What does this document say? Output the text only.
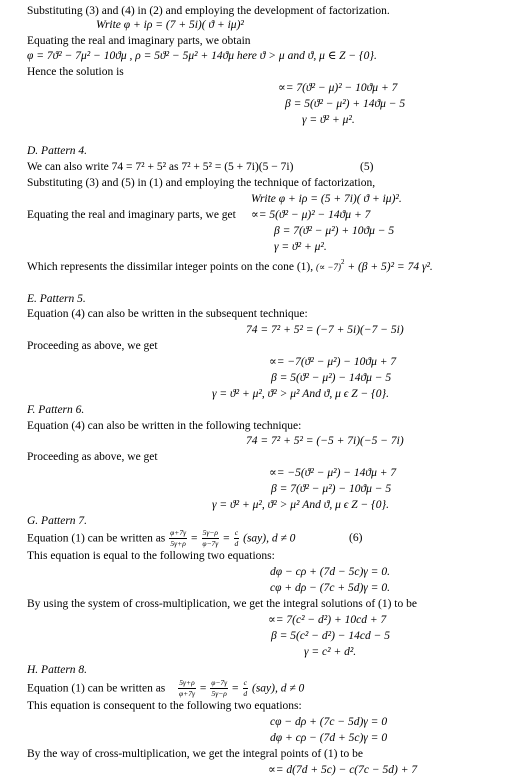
Substituting (3) and (4) in (2) and employing the development of factorization.
Write φ + iρ = (7 + 5i)( ϑ + iμ)²
Equating the real and imaginary parts, we obtain
φ = 7ϑ² − 7μ² − 10ϑμ , ρ = 5ϑ² − 5μ² + 14ϑμ here ϑ > μ and ϑ, μ ∈ Z − {0}.
Hence the solution is
∝= 7(ϑ² − μ)² − 10ϑμ + 7
β = 5(ϑ² − μ²) + 14ϑμ − 5
γ = ϑ² + μ².
D. Pattern 4.
We can also write 74 = 7² + 5² as 7² + 5² = (5 + 7i)(5 − 7i)	(5)
Substituting (3) and (5) in (1) and employing the technique of factorization,
Write φ + iρ = (5 + 7i)( ϑ + iμ)².
Equating the real and imaginary parts, we get ∝= 5(ϑ² − μ)² − 14ϑμ + 7
β = 7(ϑ² − μ²) + 10ϑμ − 5
γ = ϑ² + μ².
Which represents the dissimilar integer points on the cone (1), (∝ −7)$^2$ + (β + 5)² = 74 γ².
E. Pattern 5.
Equation (4) can also be written in the subsequent technique:
74 = 7² + 5² = (−7 + 5i)(−7 − 5i)
Proceeding as above, we get
∝= −7(ϑ² − μ²) − 10ϑμ + 7
β = 5(ϑ² − μ²) − 14ϑμ − 5
γ = ϑ² + μ², ϑ² > μ² And ϑ, μ ϵ Z − {0}.
F. Pattern 6.
Equation (4) can also be written in the following technique:
74 = 7² + 5² = (−5 + 7i)(−5 − 7i)
Proceeding as above, we get
∝= −5(ϑ² − μ²) − 14ϑμ + 7
β = 7(ϑ² − μ²) − 10ϑμ − 5
γ = ϑ² + μ², ϑ² > μ² And ϑ, μ ϵ Z − {0}.
G. Pattern 7.
Equation (1) can be written as $\frac{\varphi+7\gamma}{5\gamma+\rho} = \frac{5\gamma-\rho}{\varphi-7\gamma} = \frac{c}{d} (say)$, d ≠ 0	(6)
This equation is equal to the following two equations:
dφ − cρ + (7d − 5c)γ = 0.
cφ + dρ − (7c + 5d)γ = 0.
By using the system of cross-multiplication, we get the integral solutions of (1) to be
∝= 7(c² − d²) + 10cd + 7
β = 5(c² − d²) − 14cd − 5
γ = c² + d².
H. Pattern 8.
Equation (1) can be written as $\frac{5\gamma+\rho}{\varphi+7\gamma} = \frac{\varphi-7\gamma}{5\gamma-\rho} = \frac{c}{d} (say)$, d ≠ 0
This equation is consequent to the following two equations:
cφ − dρ + (7c − 5d)γ = 0
dφ + cρ − (7d + 5c)γ = 0
By the way of cross-multiplication, we get the integral points of (1) to be
∝= d(7d + 5c) − c(7c − 5d) + 7
